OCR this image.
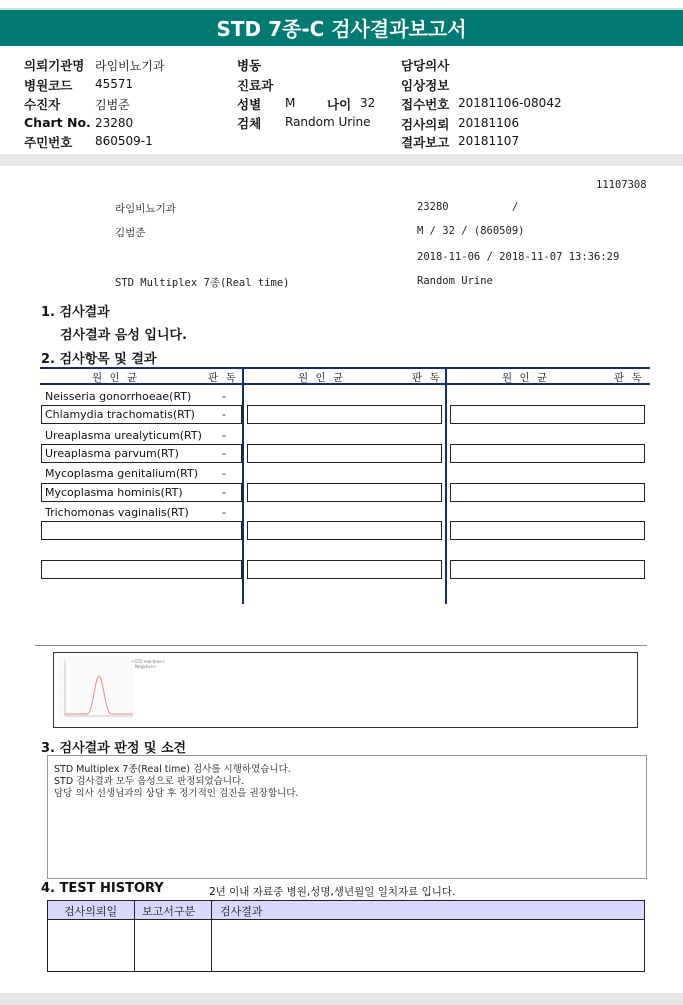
STD 7종-C 검사결과보고서
의뢰기관명 라임비뇨기과
병원코드 45571
수진자	김범준
Chart No. 23280
주민번호 860509-1
병동
진료과
성별 M	나이 32
검체 Random Urine
담당의사
임상정보
접수번호 20181106-08042
검사의뢰 20181106
결과보고 20181107
11107308
라임비뇨기과	23280	/
김범준	M / 32 / (860509)
2018-11-06 / 2018-11-07 13:36:29
STD Multiplex 7종(Real time)	Random Urine
1. 검사결과
검사결과 음성 입니다.
2. 검사항목 및 결과
원 인 균	판 독	원 인 균	판 독	원 인 균	판 독
Neisseria gonorrhoeae(RT)	-
Chlamydia trachomatis(RT) -
Ureaplasma urealyticum(RT) -
Ureaplasma parvum(RT)	-
Mycoplasma genitalium(RT) -
Mycoplasma hominis(RT)	-
Trichomonas vaginalis(RT)	-
—
—
—
<STD real-time>
Negative>
3. 검사결과 판정 및 소견
STD Multiplex 7종(Real time) 검사를 시행하였습니다.
STD 검사결과 모두 음성으로 판정되었습니다.
담당 의사 선생님과의 상담 후 정기적인 검진을 권장합니다.
4. TEST HISTORY	2년 이내 자료중 병원,성명,생년월일 일치자료 입니다.
검사의뢰일 보고서구분 검사결과
